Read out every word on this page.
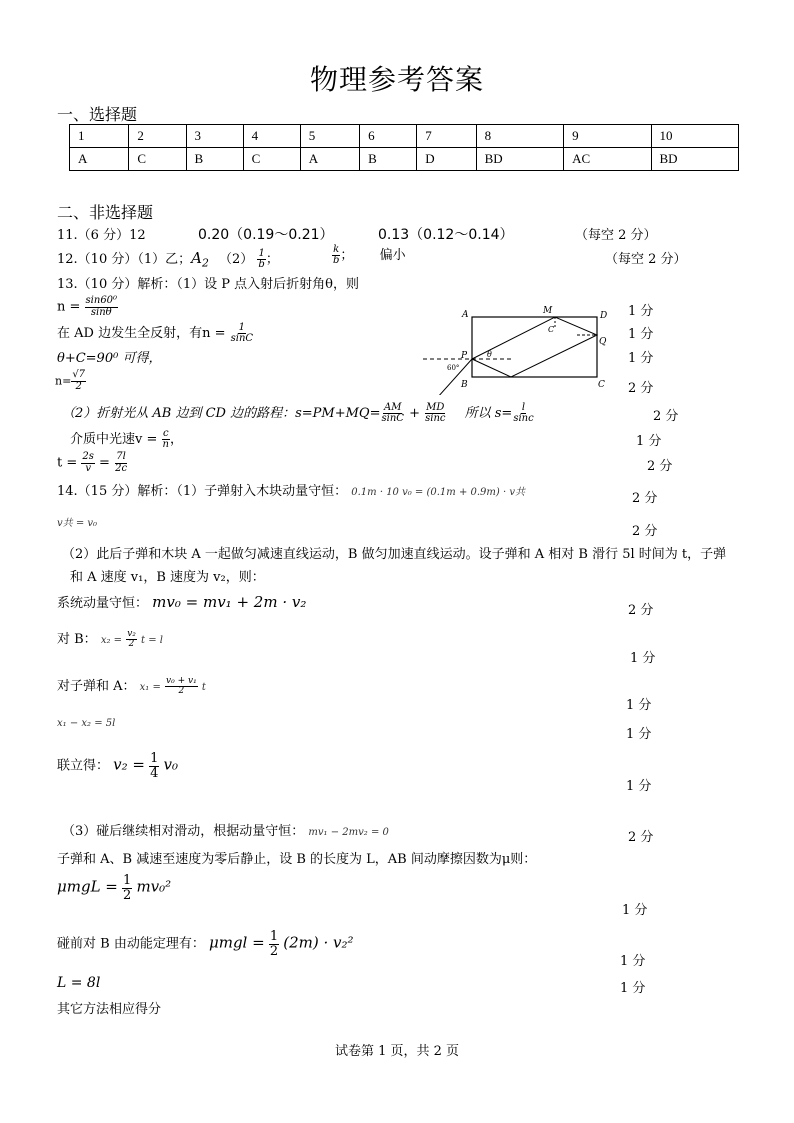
物理参考答案
一、选择题
1	2	3	4	5	6	7	8	9	10
A	C	B	C	A	B	D	BD	AC	BD
二、非选择题
11.（6 分）12	0.20（0.19～0.21）	0.13（0.12～0.14）	（每空 2 分）
12.（10 分）（1）乙；$A_2$ $(2) \frac{1}{b}$ ；	$\frac{k}{b}$ ； 偏小	（每空 2 分）
13.（10 分）解析：（1）设 P 点入射后折射角θ，则
$n = \frac{\text{sin60⁰}}{\sin\theta}$
在 AD 边发生全反射，有$n = \frac{1}{\sin C}$
θ+C=90⁰ 可得，
$n= \frac{√7}{2}$
A
B	C
D
M
P
Q
C
θ
60°
1 分
1 分
1 分
2 分
（2）折射光从 AB 边到 CD 边的路程：$s=PM+MQ= \frac{AM}{\sin C} + \frac{MD}{\sin c}$ 所以 $s= \frac{l}{\sin c}$	2 分
介质中光速$v = \frac{c}{n}$ ，	1 分
$t = \frac{2s}{v} = \frac{7l}{2c}$	2 分
14.（15 分）解析：（1）子弹射入木块动量守恒： 0.1m · 10 v₀ = (0.1m + 0.9m) · v共	2 分
v共 = v₀
2 分
（2）此后子弹和木块 A 一起做匀减速直线运动，B 做匀加速直线运动。设子弹和 A 相对 B 滑行 5l 时间为 t，子弹
和 A 速度 v₁，B 速度为 v₂，则：
系统动量守恒： mv₀ = mv₁ + 2m · v₂	2 分
对 B： $x_2 = \frac{\text{v₂}}{2}$ t = l
1 分
对子弹和 A： $x_1 = \frac{\text{v₀ + v₁}}{2}$ t
1 分
x₁ − x₂ = 5l
1 分
联立得： $v_2 = \frac{1}{4} v_0$
1 分
（3）碰后继续相对滑动，根据动量守恒： mv₁ − 2mv₂ = 0	2 分
子弹和 A、B 减速至速度为零后静止，设 B 的长度为 L，AB 间动摩擦因数为μ则：
$\mu mgL = \frac{1}{2} mv_0^2$
1 分
碰前对 B 由动能定理有： $\mu mgl = \frac{1}{2} (2m) \cdot v_2^2$
1 分
L = 8l	1 分
其它方法相应得分
试卷第 1 页，共 2 页
